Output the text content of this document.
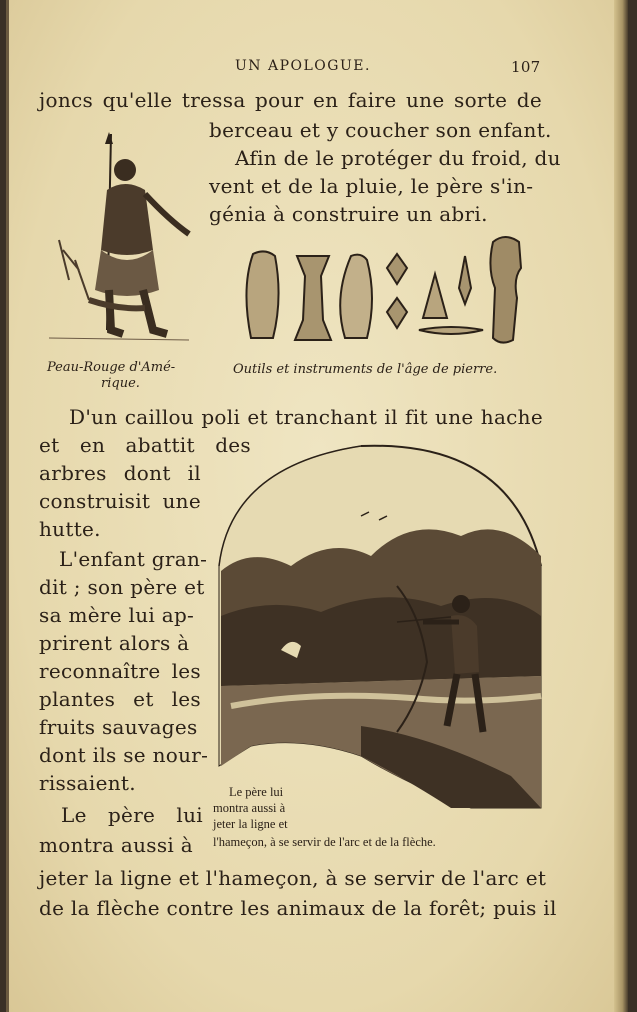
UN APOLOGUE.	107
joncs qu'elle tressa pour en faire une sorte de
berceau et y coucher son enfant.
Afin de le protéger du froid, du
vent et de la pluie, le père s'in-
génia à construire un abri.
Peau-Rouge d'Amé-
rique.
Outils et instruments de l'âge de pierre.
D'un caillou poli et tranchant il fit une hache
et en abattit des
arbres dont il
construisit une
hutte.
L'enfant gran-
dit ; son père et
sa mère lui ap-
prirent alors à
reconnaître les
plantes et les
fruits sauvages
dont ils se nour-
rissaient.
Le père lui
montra aussi à
jeter la ligne et l'hameçon, à se servir de l'arc et
de la flèche contre les animaux de la forêt; puis il
Le père lui
montra aussi à
jeter la ligne et
l'hameçon, à se servir de l'arc et de la flèche.
